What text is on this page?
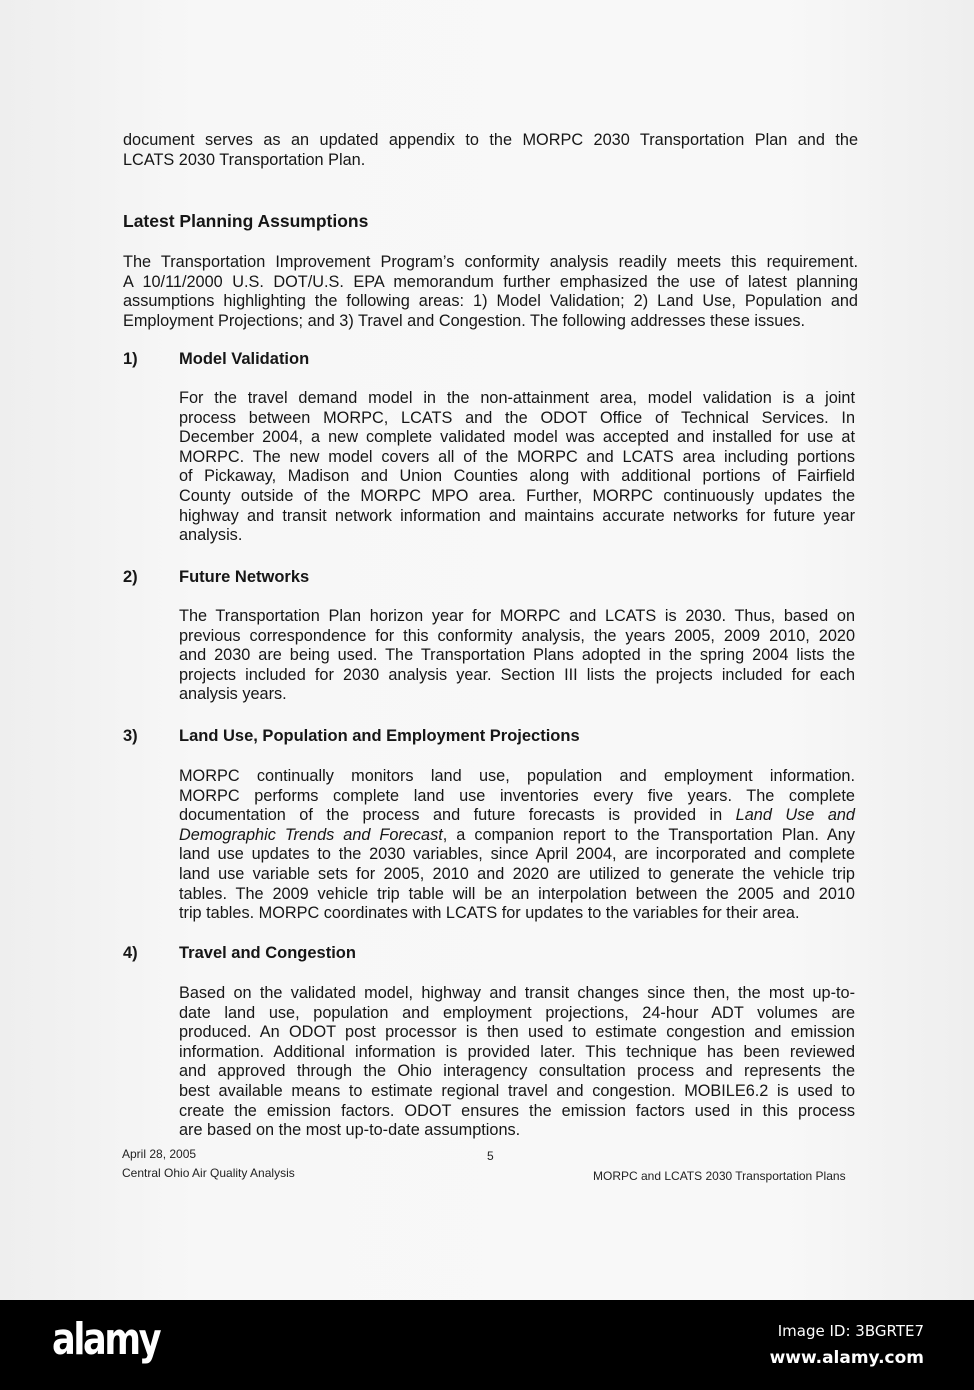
document serves as an updated appendix to the MORPC 2030 Transportation Plan and the
LCATS 2030 Transportation Plan.
Latest Planning Assumptions
The Transportation Improvement Program’s conformity analysis readily meets this requirement.
A 10/11/2000 U.S. DOT/U.S. EPA memorandum further emphasized the use of latest planning
assumptions highlighting the following areas: 1) Model Validation; 2) Land Use, Population and
Employment Projections; and 3) Travel and Congestion. The following addresses these issues.
1)	Model Validation
For the travel demand model in the non-attainment area, model validation is a joint
process between MORPC, LCATS and the ODOT Office of Technical Services. In
December 2004, a new complete validated model was accepted and installed for use at
MORPC. The new model covers all of the MORPC and LCATS area including portions
of Pickaway, Madison and Union Counties along with additional portions of Fairfield
County outside of the MORPC MPO area. Further, MORPC continuously updates the
highway and transit network information and maintains accurate networks for future year
analysis.
2)	Future Networks
The Transportation Plan horizon year for MORPC and LCATS is 2030. Thus, based on
previous correspondence for this conformity analysis, the years 2005, 2009 2010, 2020
and 2030 are being used. The Transportation Plans adopted in the spring 2004 lists the
projects included for 2030 analysis year. Section III lists the projects included for each
analysis years.
3)	Land Use, Population and Employment Projections
MORPC continually monitors land use, population and employment information.
MORPC performs complete land use inventories every five years. The complete
documentation of the process and future forecasts is provided in Land Use and
Demographic Trends and Forecast, a companion report to the Transportation Plan. Any
land use updates to the 2030 variables, since April 2004, are incorporated and complete
land use variable sets for 2005, 2010 and 2020 are utilized to generate the vehicle trip
tables. The 2009 vehicle trip table will be an interpolation between the 2005 and 2010
trip tables. MORPC coordinates with LCATS for updates to the variables for their area.
4)	Travel and Congestion
Based on the validated model, highway and transit changes since then, the most up-to-
date land use, population and employment projections, 24-hour ADT volumes are
produced. An ODOT post processor is then used to estimate congestion and emission
information. Additional information is provided later. This technique has been reviewed
and approved through the Ohio interagency consultation process and represents the
best available means to estimate regional travel and congestion. MOBILE6.2 is used to
create the emission factors. ODOT ensures the emission factors used in this process
are based on the most up-to-date assumptions.
April 28, 2005	5
Central Ohio Air Quality Analysis	MORPC and LCATS 2030 Transportation Plans
alamy	Image ID: 3BGRTE7
www.alamy.com
